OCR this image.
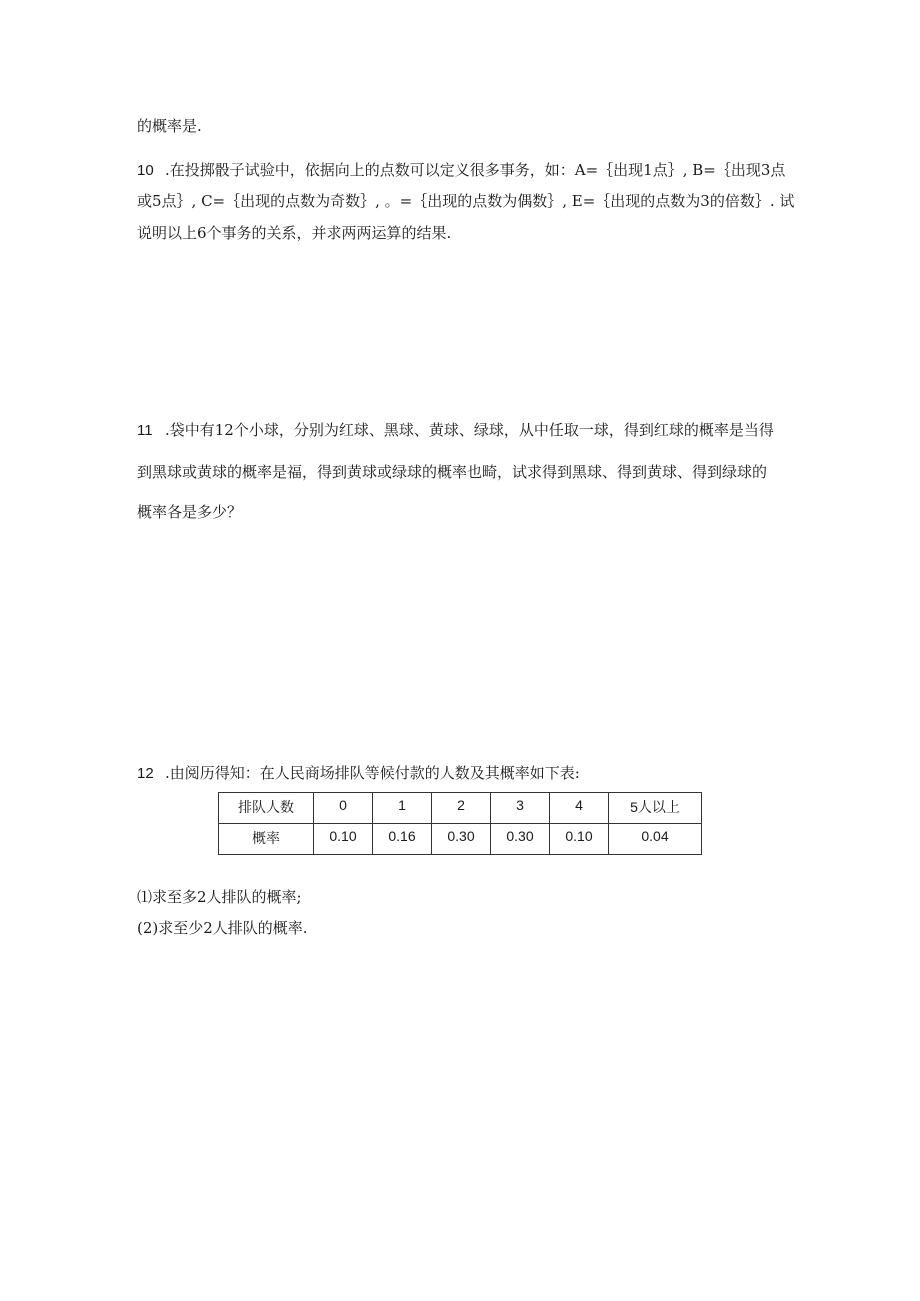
的概率是.
10 .在投掷骰子试验中，依据向上的点数可以定义很多事务，如：A=｛出现1点｝, B=｛出现3点
或5点｝, C=｛出现的点数为奇数｝, 。=｛出现的点数为偶数｝, E=｛出现的点数为3的倍数｝. 试
说明以上6个事务的关系，并求两两运算的结果.
11 .袋中有12个小球，分别为红球、黑球、黄球、绿球，从中任取一球，得到红球的概率是当得
到黑球或黄球的概率是福，得到黄球或绿球的概率也畸，试求得到黑球、得到黄球、得到绿球的
概率各是多少？
12 .由阅历得知：在人民商场排队等候付款的人数及其概率如下表:
排队人数	0	1	2	3	4	5人以上
概率	0.10	0.16	0.30	0.30	0.10	0.04
⑴求至多2人排队的概率;
(2)求至少2人排队的概率.
